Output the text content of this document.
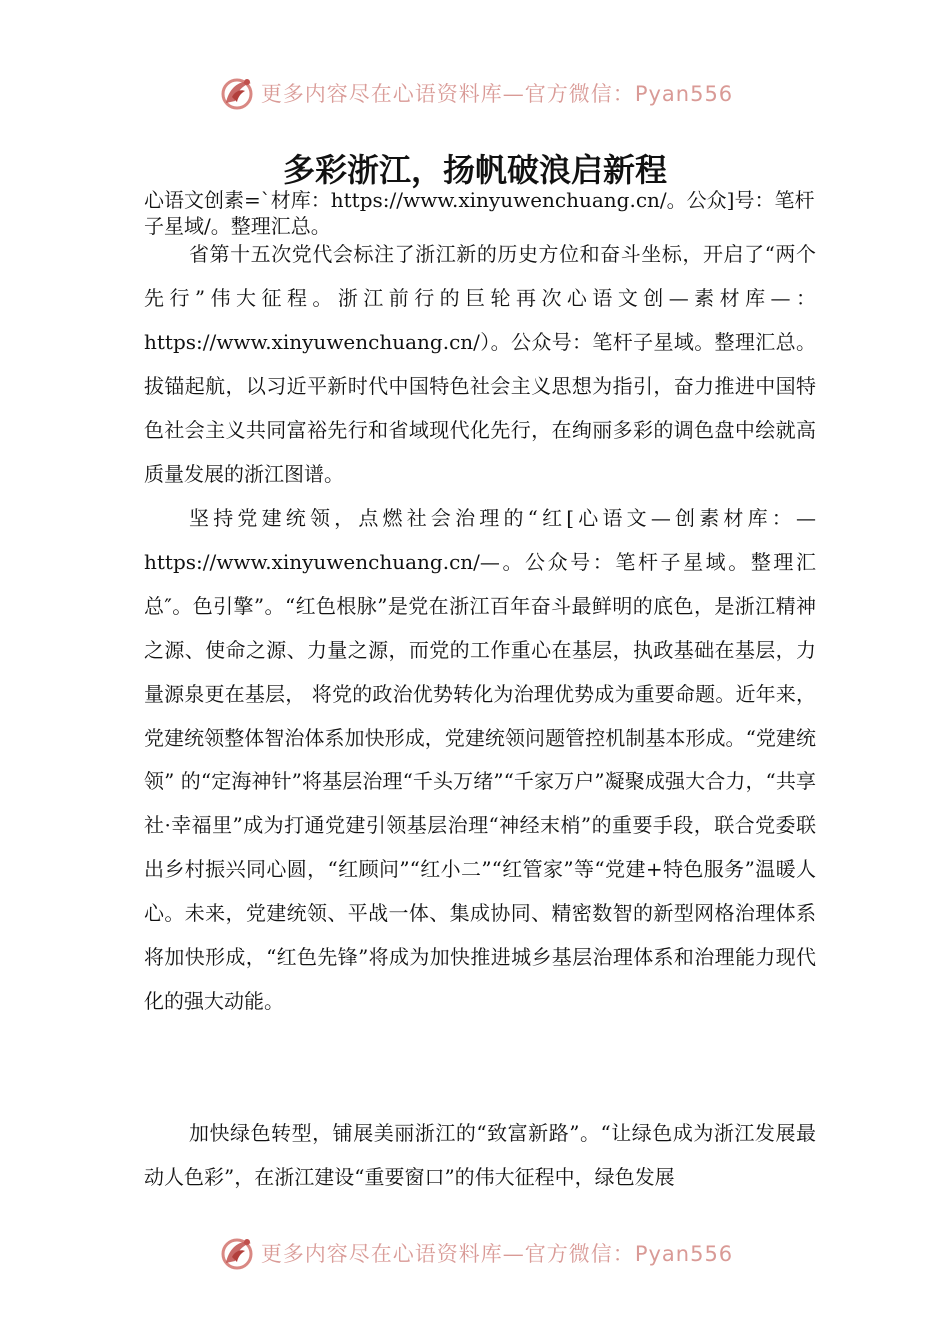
更多内容尽在心语资料库—官方微信：Pyan556
多彩浙江，扬帆破浪启新程

心语文创素=`材库：https://www.xinyuwenchuang.cn/。公众]号：笔杆子星域/。整理汇总。

省第十五次党代会标注了浙江新的历史方位和奋斗坐标，开启了“两个先行”伟大征程。浙江前行的巨轮再次心语文创—素材库—：https://www.xinyuwenchuang.cn/）。公众号：笔杆子星域。整理汇总。拔锚起航，以习近平新时代中国特色社会主义思想为指引，奋力推进中国特色社会主义共同富裕先行和省域现代化先行，在绚丽多彩的调色盘中绘就高质量发展的浙江图谱。

坚持党建统领，点燃社会治理的“红[心语文—创素材库：—https://www.xinyuwenchuang.cn/—。公众号：笔杆子星域。整理汇总″。色引擎”。“红色根脉”是党在浙江百年奋斗最鲜明的底色，是浙江精神之源、使命之源、力量之源，而党的工作重心在基层，执政基础在基层，力量源泉更在基层， 将党的政治优势转化为治理优势成为重要命题。近年来，党建统领整体智治体系加快形成，党建统领问题管控机制基本形成。“党建统领” 的“定海神针”将基层治理“千头万绪”“千家万户”凝聚成强大合力，“共享社·幸福里”成为打通党建引领基层治理“神经末梢”的重要手段，联合党委联出乡村振兴同心圆，“红顾问”“红小二”“红管家”等“党建+特色服务”温暖人心。未来，党建统领、平战一体、集成协同、精密数智的新型网格治理体系将加快形成，“红色先锋”将成为加快推进城乡基层治理体系和治理能力现代化的强大动能。

加快绿色转型，铺展美丽浙江的“致富新路”。“让绿色成为浙江发展最动人色彩”，在浙江建设“重要窗口”的伟大征程中，绿色发展

更多内容尽在心语资料库—官方微信：Pyan556
